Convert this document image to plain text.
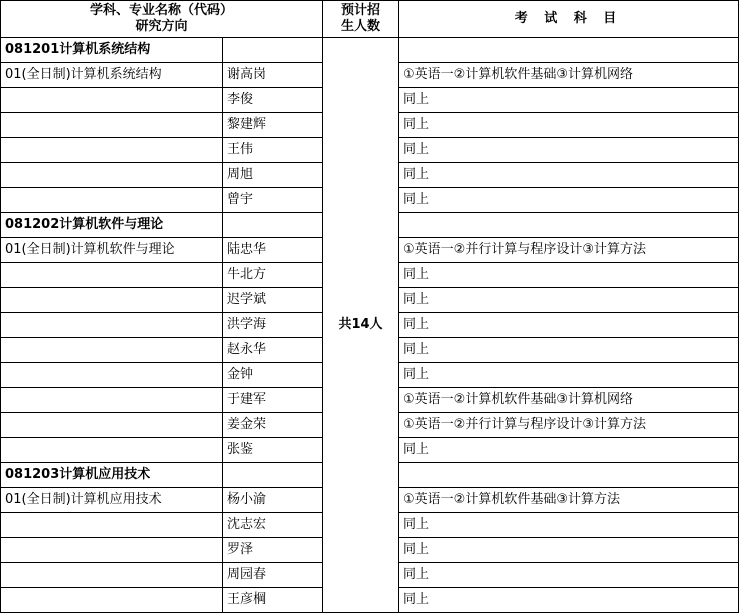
学科、专业名称（代码）
研究方向		预计招生人数	考 试 科 目
081201计算机系统结构		共14人	
01(全日制)计算机系统结构	谢高岗		①英语一②计算机软件基础③计算机网络
	李俊		同上
	黎建辉		同上
	王伟		同上
	周旭		同上
	曾宇		同上
081202计算机软件与理论			
01(全日制)计算机软件与理论	陆忠华		①英语一②并行计算与程序设计③计算方法
	牛北方		同上
	迟学斌		同上
	洪学海		同上
	赵永华		同上
	金钟		同上
	于建军		①英语一②计算机软件基础③计算机网络
	姜金荣		①英语一②并行计算与程序设计③计算方法
	张鉴		同上
081203计算机应用技术			
01(全日制)计算机应用技术	杨小渝		①英语一②计算机软件基础③计算方法
	沈志宏		同上
	罗泽		同上
	周园春		同上
	王彦棡		同上
